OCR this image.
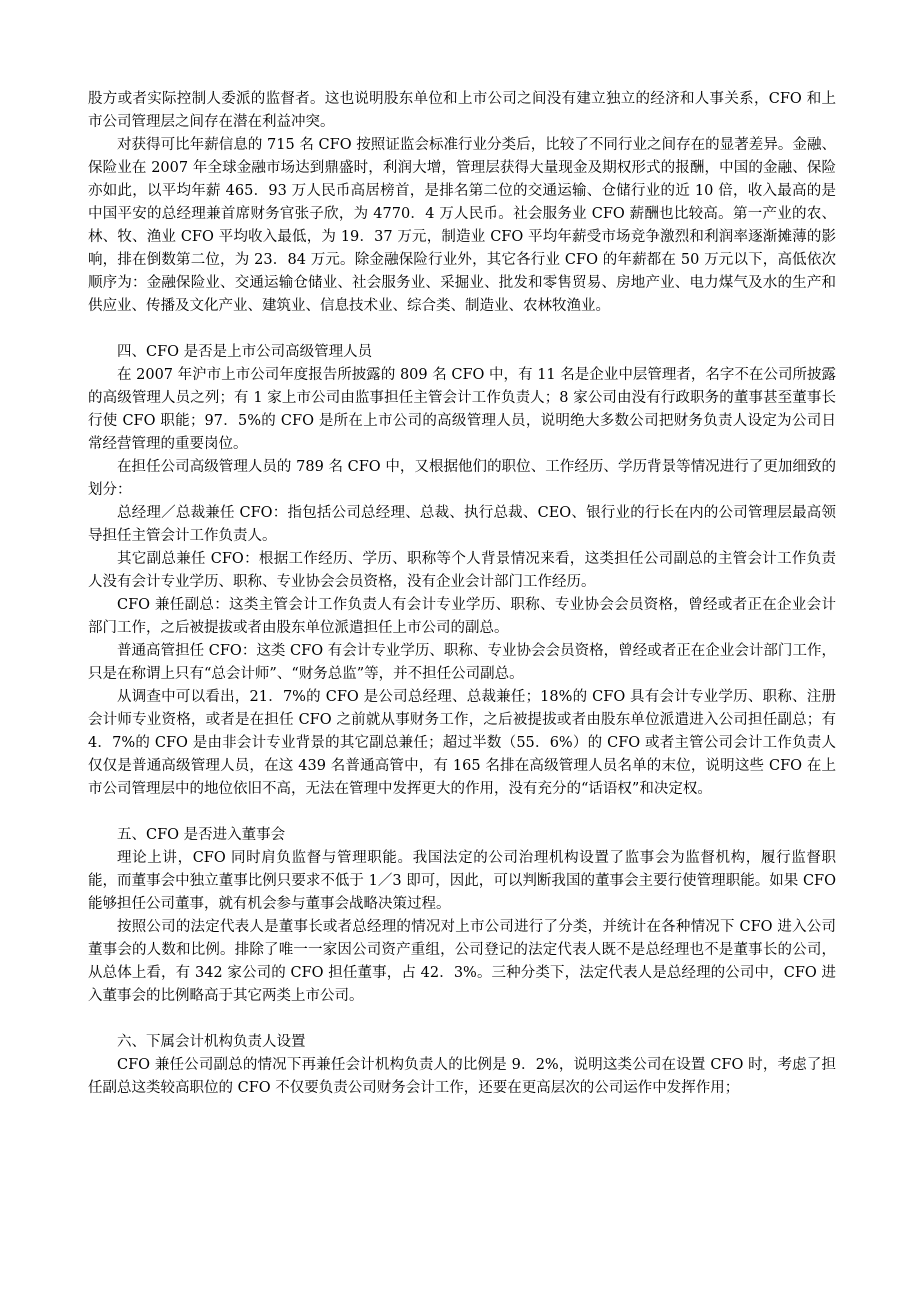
股方或者实际控制人委派的监督者。这也说明股东单位和上市公司之间没有建立独立的经济和人事关系，CFO 和上市公司管理层之间存在潜在利益冲突。

对获得可比年薪信息的 715 名 CFO 按照证监会标准行业分类后，比较了不同行业之间存在的显著差异。金融、保险业在 2007 年全球金融市场达到鼎盛时，利润大增，管理层获得大量现金及期权形式的报酬，中国的金融、保险亦如此，以平均年薪 465．93 万人民币高居榜首，是排名第二位的交通运输、仓储行业的近 10 倍，收入最高的是中国平安的总经理兼首席财务官张子欣，为 4770．4 万人民币。社会服务业 CFO 薪酬也比较高。第一产业的农、林、牧、渔业 CFO 平均收入最低，为 19．37 万元，制造业 CFO 平均年薪受市场竞争激烈和利润率逐渐摊薄的影响，排在倒数第二位，为 23．84 万元。除金融保险行业外，其它各行业 CFO 的年薪都在 50 万元以下，高低依次顺序为：金融保险业、交通运输仓储业、社会服务业、采掘业、批发和零售贸易、房地产业、电力煤气及水的生产和供应业、传播及文化产业、建筑业、信息技术业、综合类、制造业、农林牧渔业。

四、CFO 是否是上市公司高级管理人员

在 2007 年沪市上市公司年度报告所披露的 809 名 CFO 中，有 11 名是企业中层管理者，名字不在公司所披露的高级管理人员之列；有 1 家上市公司由监事担任主管会计工作负责人；8 家公司由没有行政职务的董事甚至董事长行使 CFO 职能；97．5%的 CFO 是所在上市公司的高级管理人员，说明绝大多数公司把财务负责人设定为公司日常经营管理的重要岗位。

在担任公司高级管理人员的 789 名 CFO 中，又根据他们的职位、工作经历、学历背景等情况进行了更加细致的划分：

总经理／总裁兼任 CFO：指包括公司总经理、总裁、执行总裁、CEO、银行业的行长在内的公司管理层最高领导担任主管会计工作负责人。

其它副总兼任 CFO：根据工作经历、学历、职称等个人背景情况来看，这类担任公司副总的主管会计工作负责人没有会计专业学历、职称、专业协会会员资格，没有企业会计部门工作经历。

CFO 兼任副总：这类主管会计工作负责人有会计专业学历、职称、专业协会会员资格，曾经或者正在企业会计部门工作，之后被提拔或者由股东单位派遣担任上市公司的副总。

普通高管担任 CFO：这类 CFO 有会计专业学历、职称、专业协会会员资格，曾经或者正在企业会计部门工作，只是在称谓上只有“总会计师”、“财务总监”等，并不担任公司副总。

从调查中可以看出，21．7%的 CFO 是公司总经理、总裁兼任；18%的 CFO 具有会计专业学历、职称、注册会计师专业资格，或者是在担任 CFO 之前就从事财务工作，之后被提拔或者由股东单位派遣进入公司担任副总；有 4．7%的 CFO 是由非会计专业背景的其它副总兼任；超过半数（55．6%）的 CFO 或者主管公司会计工作负责人仅仅是普通高级管理人员，在这 439 名普通高管中，有 165 名排在高级管理人员名单的末位，说明这些 CFO 在上市公司管理层中的地位依旧不高，无法在管理中发挥更大的作用，没有充分的“话语权”和决定权。

五、CFO 是否进入董事会

理论上讲，CFO 同时肩负监督与管理职能。我国法定的公司治理机构设置了监事会为监督机构，履行监督职能，而董事会中独立董事比例只要求不低于 1／3 即可，因此，可以判断我国的董事会主要行使管理职能。如果 CFO 能够担任公司董事，就有机会参与董事会战略决策过程。

按照公司的法定代表人是董事长或者总经理的情况对上市公司进行了分类，并统计在各种情况下 CFO 进入公司董事会的人数和比例。排除了唯一一家因公司资产重组，公司登记的法定代表人既不是总经理也不是董事长的公司，从总体上看，有 342 家公司的 CFO 担任董事，占 42．3%。三种分类下，法定代表人是总经理的公司中，CFO 进入董事会的比例略高于其它两类上市公司。

六、下属会计机构负责人设置

CFO 兼任公司副总的情况下再兼任会计机构负责人的比例是 9．2%，说明这类公司在设置 CFO 时，考虑了担任副总这类较高职位的 CFO 不仅要负责公司财务会计工作，还要在更高层次的公司运作中发挥作用；
